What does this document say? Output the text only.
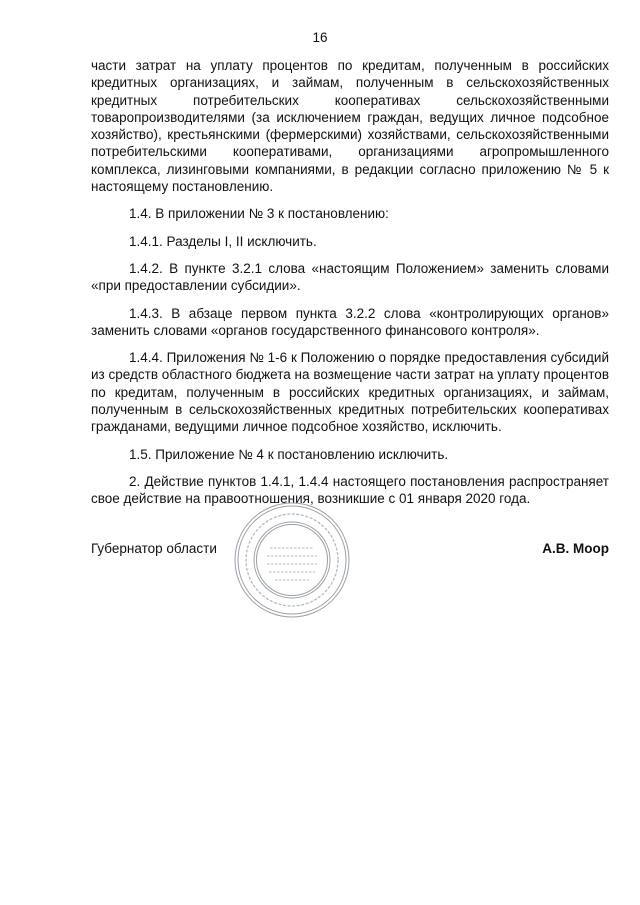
16

части затрат на уплату процентов по кредитам, полученным в российских кредитных организациях, и займам, полученным в сельскохозяйственных кредитных потребительских кооперативах сельскохозяйственными товаропроизводителями (за исключением граждан, ведущих личное подсобное хозяйство), крестьянскими (фермерскими) хозяйствами, сельскохозяйственными потребительскими кооперативами, организациями агропромышленного комплекса, лизинговыми компаниями, в редакции согласно приложению № 5 к настоящему постановлению.

1.4. В приложении № 3 к постановлению:

1.4.1. Разделы I, II исключить.

1.4.2. В пункте 3.2.1 слова «настоящим Положением» заменить словами «при предоставлении субсидии».

1.4.3. В абзаце первом пункта 3.2.2 слова «контролирующих органов» заменить словами «органов государственного финансового контроля».

1.4.4. Приложения № 1-6 к Положению о порядке предоставления субсидий из средств областного бюджета на возмещение части затрат на уплату процентов по кредитам, полученным в российских кредитных организациях, и займам, полученным в сельскохозяйственных кредитных потребительских кооперативах гражданами, ведущими личное подсобное хозяйство, исключить.

1.5. Приложение № 4 к постановлению исключить.

2. Действие пунктов 1.4.1, 1.4.4 настоящего постановления распространяет свое действие на правоотношения, возникшие с 01 января 2020 года.

Губернатор области	А.В. Моор
